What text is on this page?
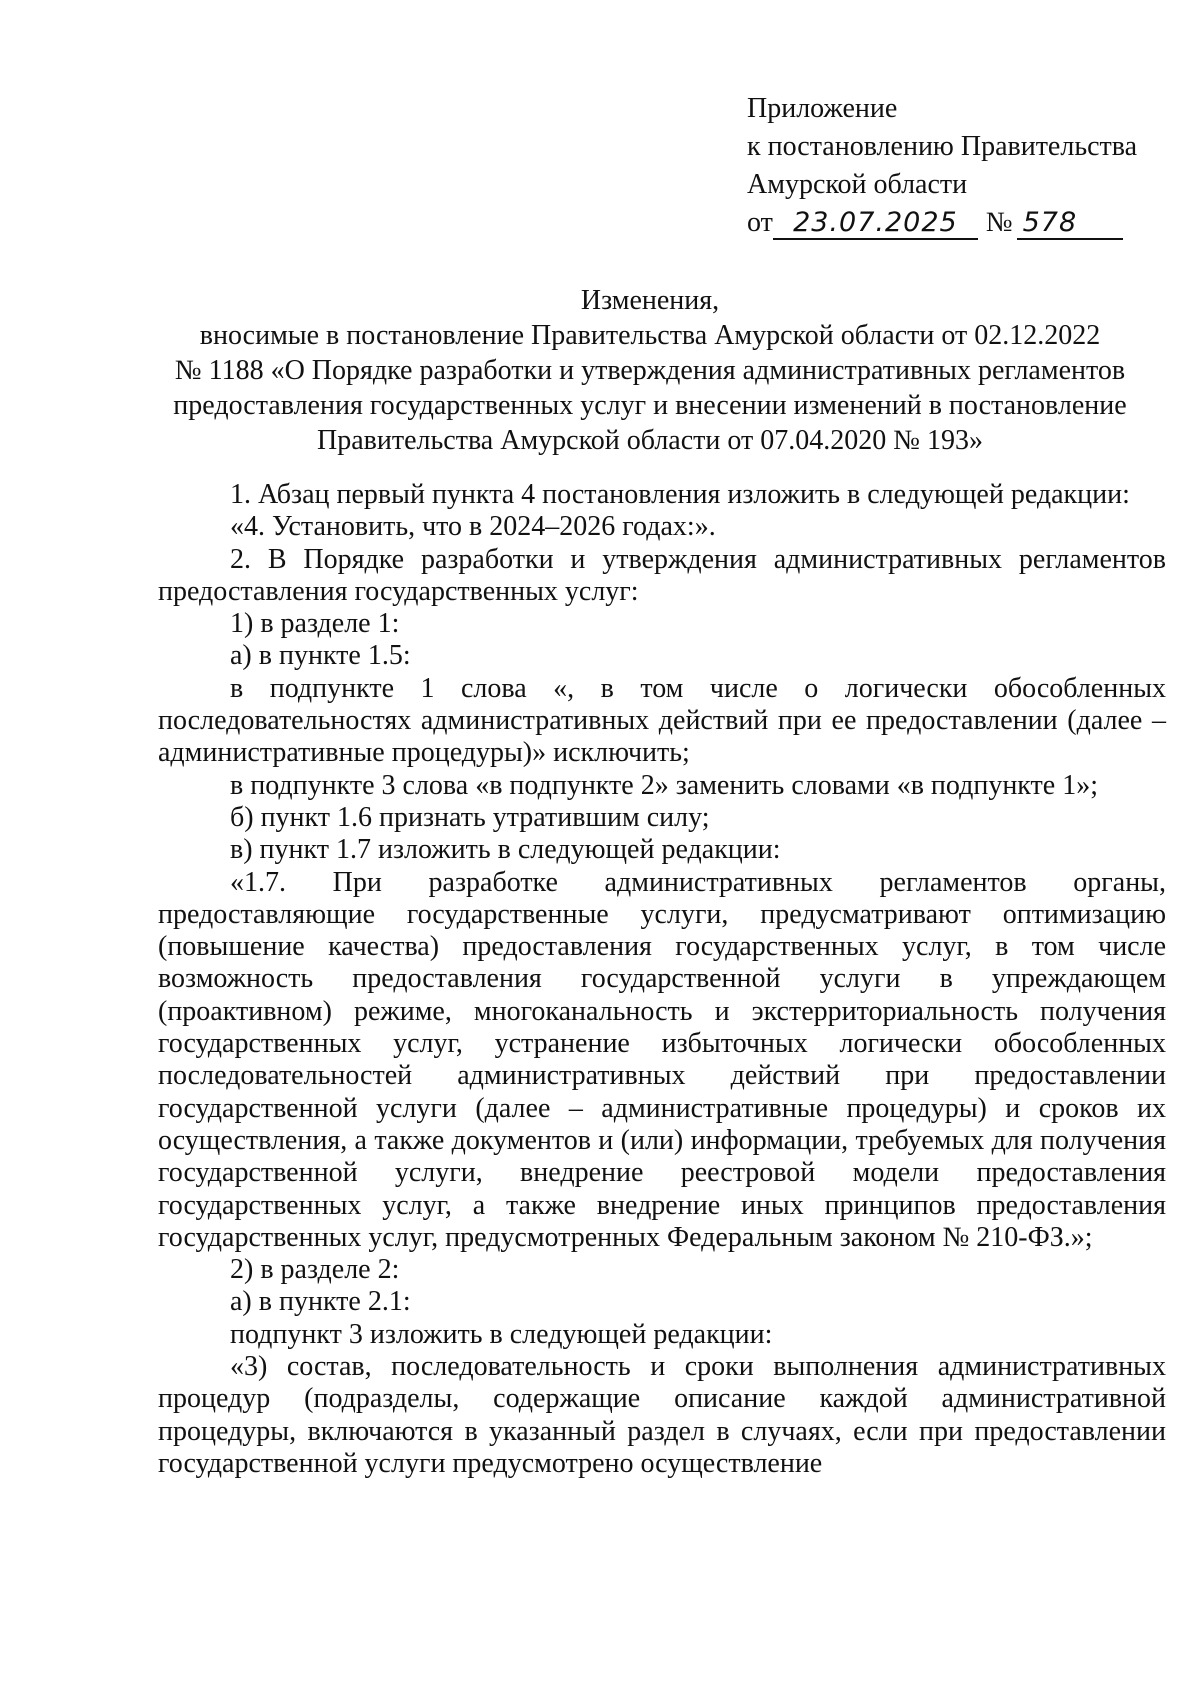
Приложение
к постановлению Правительства
Амурской области
от 23.07.2025 № 578
Изменения,
вносимые в постановление Правительства Амурской области от 02.12.2022
№ 1188 «О Порядке разработки и утверждения административных регламентов
предоставления государственных услуг и внесении изменений в постановление
Правительства Амурской области от 07.04.2020 № 193»

1. Абзац первый пункта 4 постановления изложить в следующей редакции:

«4. Установить, что в 2024–2026 годах:».

2. В Порядке разработки и утверждения административных регламентов предоставления государственных услуг:

1) в разделе 1:

а) в пункте 1.5:

в подпункте 1 слова «, в том числе о логически обособленных последовательностях административных действий при ее предоставлении (далее – административные процедуры)» исключить;

в подпункте 3 слова «в подпункте 2» заменить словами «в подпункте 1»;

б) пункт 1.6 признать утратившим силу;

в) пункт 1.7 изложить в следующей редакции:

«1.7. При разработке административных регламентов органы, предоставляющие государственные услуги, предусматривают оптимизацию (повышение качества) предоставления государственных услуг, в том числе возможность предоставления государственной услуги в упреждающем (проактивном) режиме, многоканальность и экстерриториальность получения государственных услуг, устранение избыточных логически обособленных последовательностей административных действий при предоставлении государственной услуги (далее – административные процедуры) и сроков их осуществления, а также документов и (или) информации, требуемых для получения государственной услуги, внедрение реестровой модели предоставления государственных услуг, а также внедрение иных принципов предоставления государственных услуг, предусмотренных Федеральным законом № 210-ФЗ.»;

2) в разделе 2:

а) в пункте 2.1:

подпункт 3 изложить в следующей редакции:

«3) состав, последовательность и сроки выполнения административных процедур (подразделы, содержащие описание каждой административной процедуры, включаются в указанный раздел в случаях, если при предоставлении государственной услуги предусмотрено осуществление
